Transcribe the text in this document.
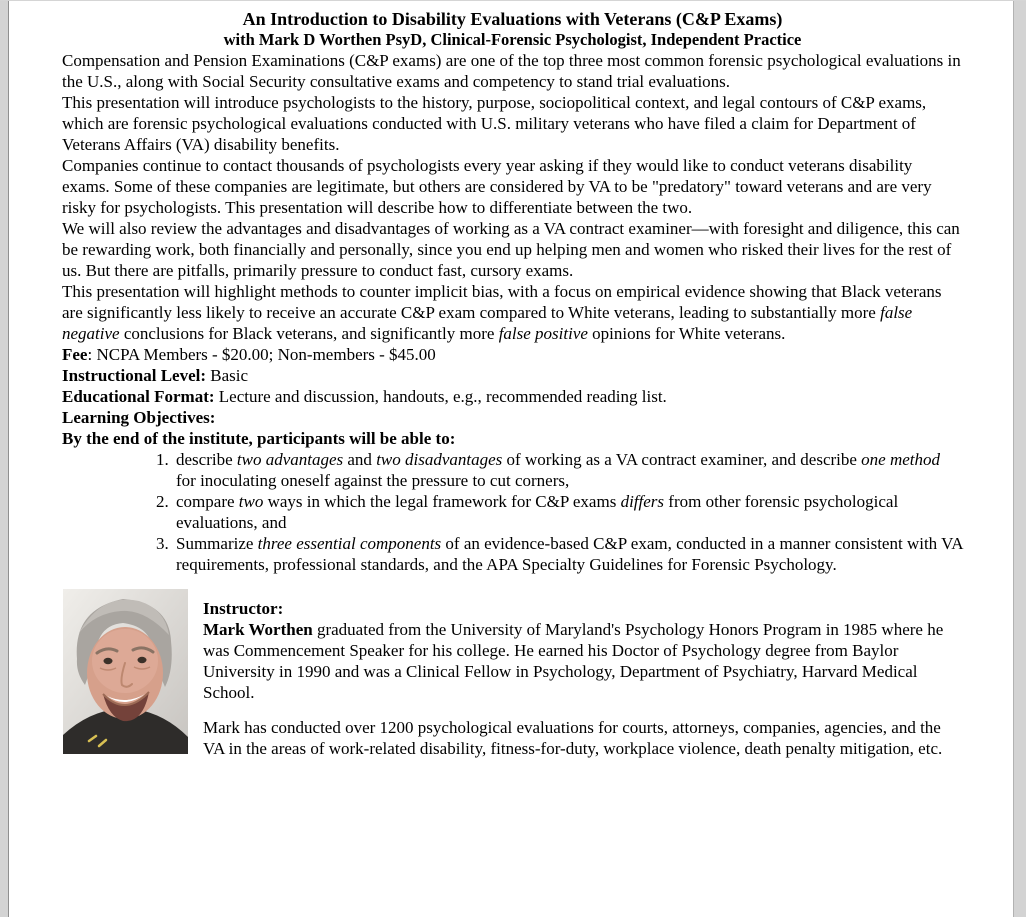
An Introduction to Disability Evaluations with Veterans (C&P Exams)
with Mark D Worthen PsyD, Clinical-Forensic Psychologist, Independent Practice

Compensation and Pension Examinations (C&P exams) are one of the top three most common forensic psychological evaluations in the U.S., along with Social Security consultative exams and competency to stand trial evaluations.

This presentation will introduce psychologists to the history, purpose, sociopolitical context, and legal contours of C&P exams, which are forensic psychological evaluations conducted with U.S. military veterans who have filed a claim for Department of Veterans Affairs (VA) disability benefits.

Companies continue to contact thousands of psychologists every year asking if they would like to conduct veterans disability exams. Some of these companies are legitimate, but others are considered by VA to be "predatory" toward veterans and are very risky for psychologists. This presentation will describe how to differentiate between the two.

We will also review the advantages and disadvantages of working as a VA contract examiner—with foresight and diligence, this can be rewarding work, both financially and personally, since you end up helping men and women who risked their lives for the rest of us. But there are pitfalls, primarily pressure to conduct fast, cursory exams.

This presentation will highlight methods to counter implicit bias, with a focus on empirical evidence showing that Black veterans are significantly less likely to receive an accurate C&P exam compared to White veterans, leading to substantially more false negative conclusions for Black veterans, and significantly more false positive opinions for White veterans.

Fee: NCPA Members - $20.00; Non-members - $45.00

Instructional Level: Basic

Educational Format: Lecture and discussion, handouts, e.g., recommended reading list.

Learning Objectives:

By the end of the institute, participants will be able to:

1. describe two advantages and two disadvantages of working as a VA contract examiner, and describe one method for inoculating oneself against the pressure to cut corners,
2. compare two ways in which the legal framework for C&P exams differs from other forensic psychological evaluations, and
3. Summarize three essential components of an evidence-based C&P exam, conducted in a manner consistent with VA requirements, professional standards, and the APA Specialty Guidelines for Forensic Psychology.

Instructor:

Mark Worthen graduated from the University of Maryland's Psychology Honors Program in 1985 where he was Commencement Speaker for his college. He earned his Doctor of Psychology degree from Baylor University in 1990 and was a Clinical Fellow in Psychology, Department of Psychiatry, Harvard Medical School.

Mark has conducted over 1200 psychological evaluations for courts, attorneys, companies, agencies, and the VA in the areas of work-related disability, fitness-for-duty, workplace violence, death penalty mitigation, etc.
